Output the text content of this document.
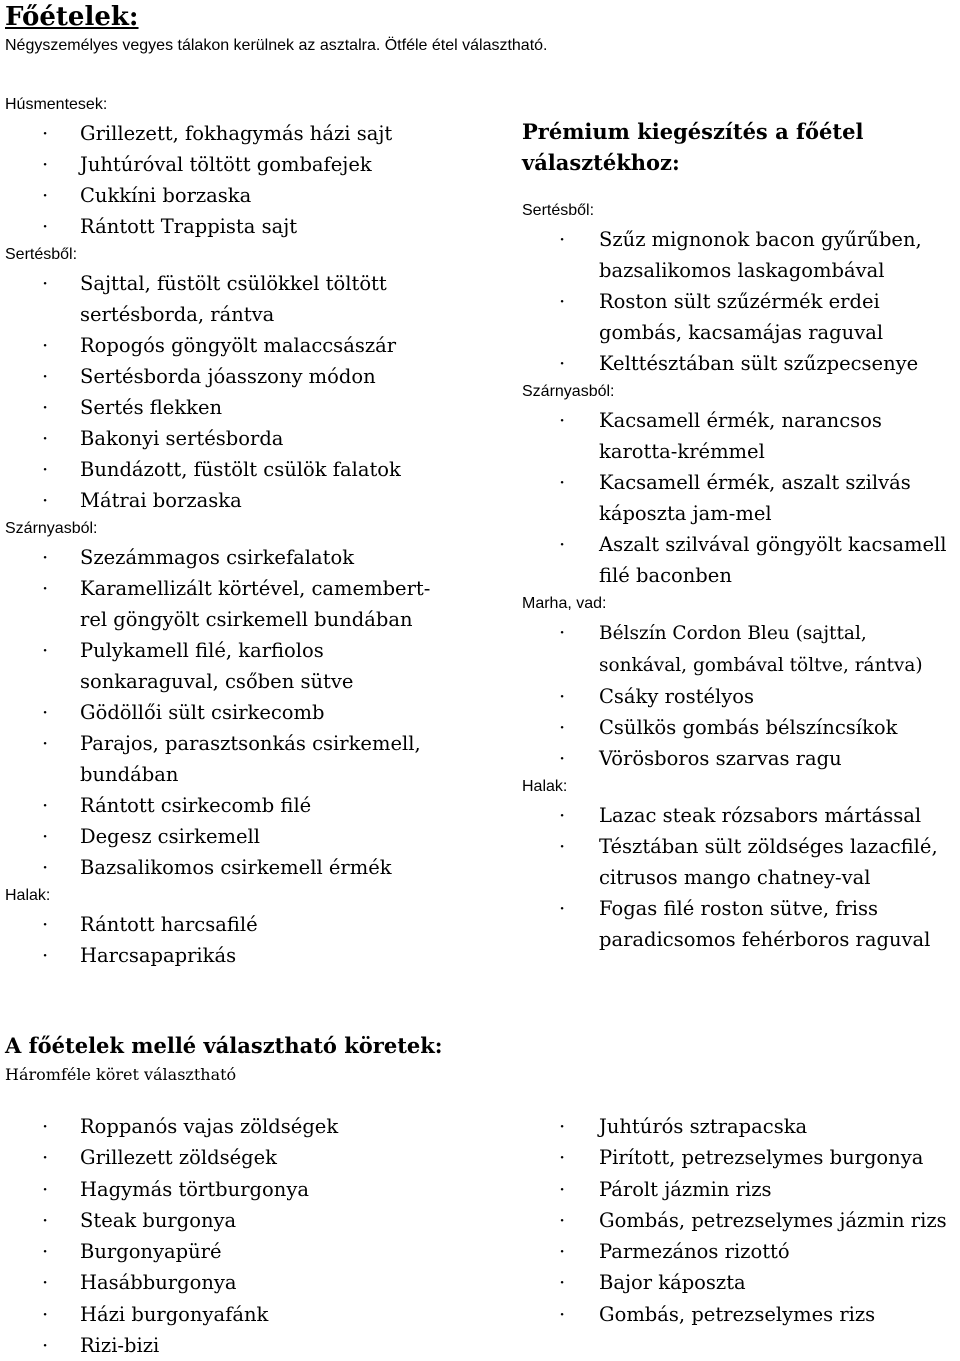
Főételek:
Négyszemélyes vegyes tálakon kerülnek az asztalra. Ötféle étel választható.
Húsmentesek:
· Grillezett, fokhagymás házi sajt
· Juhtúróval töltött gombafejek
· Cukkíni borzaska
· Rántott Trappista sajt
Sertésből:
· Sajttal, füstölt csülökkel töltött
sertésborda, rántva
· Ropogós göngyölt malaccsászár
· Sertésborda jóasszony módon
· Sertés flekken
· Bakonyi sertésborda
· Bundázott, füstölt csülök falatok
· Mátrai borzaska
Szárnyasból:
· Szezámmagos csirkefalatok
· Karamellizált körtével, camembert-
rel göngyölt csirkemell bundában
· Pulykamell filé, karfiolos
sonkaraguval, csőben sütve
· Gödöllői sült csirkecomb
· Parajos, parasztsonkás csirkemell,
bundában
· Rántott csirkecomb filé
· Degesz csirkemell
· Bazsalikomos csirkemell érmék
Halak:
· Rántott harcsafilé
· Harcsapaprikás
Prémium kiegészítés a főétel
választékhoz:
Sertésből:
· Szűz mignonok bacon gyűrűben,
bazsalikomos laskagombával
· Roston sült szűzérmék erdei
gombás, kacsamájas raguval
· Kelttésztában sült szűzpecsenye
Szárnyasból:
· Kacsamell érmék, narancsos
karotta-krémmel
· Kacsamell érmék, aszalt szilvás
káposzta jam-mel
· Aszalt szilvával göngyölt kacsamell
filé baconben
Marha, vad:
· Bélszín Cordon Bleu (sajttal,
sonkával, gombával töltve, rántva)
· Csáky rostélyos
· Csülkös gombás bélszíncsíkok
· Vörösboros szarvas ragu
Halak:
· Lazac steak rózsabors mártással
· Tésztában sült zöldséges lazacfilé,
citrusos mango chatney-val
· Fogas filé roston sütve, friss
paradicsomos fehérboros raguval
A főételek mellé választható köretek:
Háromféle köret választható
· Roppanós vajas zöldségek
· Grillezett zöldségek
· Hagymás törtburgonya
· Steak burgonya
· Burgonyapüré
· Hasábburgonya
· Házi burgonyafánk
· Rizi-bizi
· Juhtúrós sztrapacska
· Pirított, petrezselymes burgonya
· Párolt jázmin rizs
· Gombás, petrezselymes jázmin rizs
· Parmezános rizottó
· Bajor káposzta
· Gombás, petrezselymes rizs
